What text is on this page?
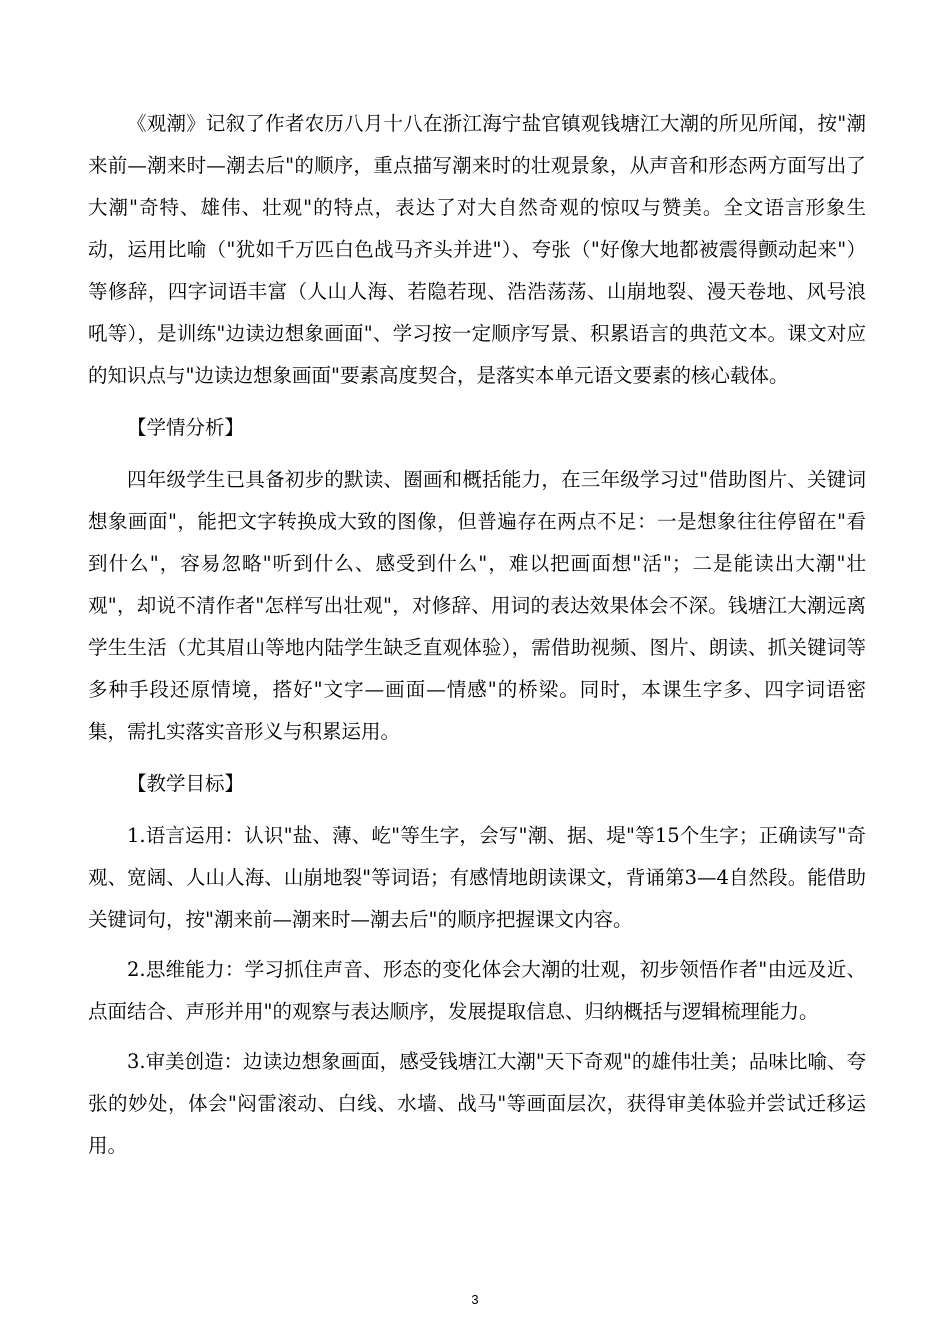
《观潮》记叙了作者农历八月十八在浙江海宁盐官镇观钱塘江大潮的所见所闻，按"潮来前—潮来时—潮去后"的顺序，重点描写潮来时的壮观景象，从声音和形态两方面写出了大潮"奇特、雄伟、壮观"的特点，表达了对大自然奇观的惊叹与赞美。全文语言形象生动，运用比喻（"犹如千万匹白色战马齐头并进"）、夸张（"好像大地都被震得颤动起来"）等修辞，四字词语丰富（人山人海、若隐若现、浩浩荡荡、山崩地裂、漫天卷地、风号浪吼等），是训练"边读边想象画面"、学习按一定顺序写景、积累语言的典范文本。课文对应的知识点与"边读边想象画面"要素高度契合，是落实本单元语文要素的核心载体。

【学情分析】

四年级学生已具备初步的默读、圈画和概括能力，在三年级学习过"借助图片、关键词想象画面"，能把文字转换成大致的图像，但普遍存在两点不足：一是想象往往停留在"看到什么"，容易忽略"听到什么、感受到什么"，难以把画面想"活"；二是能读出大潮"壮观"，却说不清作者"怎样写出壮观"，对修辞、用词的表达效果体会不深。钱塘江大潮远离学生生活（尤其眉山等地内陆学生缺乏直观体验），需借助视频、图片、朗读、抓关键词等多种手段还原情境，搭好"文字—画面—情感"的桥梁。同时，本课生字多、四字词语密集，需扎实落实音形义与积累运用。

【教学目标】

1.语言运用：认识"盐、薄、屹"等生字，会写"潮、据、堤"等15个生字；正确读写"奇观、宽阔、人山人海、山崩地裂"等词语；有感情地朗读课文，背诵第3—4自然段。能借助关键词句，按"潮来前—潮来时—潮去后"的顺序把握课文内容。

2.思维能力：学习抓住声音、形态的变化体会大潮的壮观，初步领悟作者"由远及近、点面结合、声形并用"的观察与表达顺序，发展提取信息、归纳概括与逻辑梳理能力。

3.审美创造：边读边想象画面，感受钱塘江大潮"天下奇观"的雄伟壮美；品味比喻、夸张的妙处，体会"闷雷滚动、白线、水墙、战马"等画面层次，获得审美体验并尝试迁移运用。

3
